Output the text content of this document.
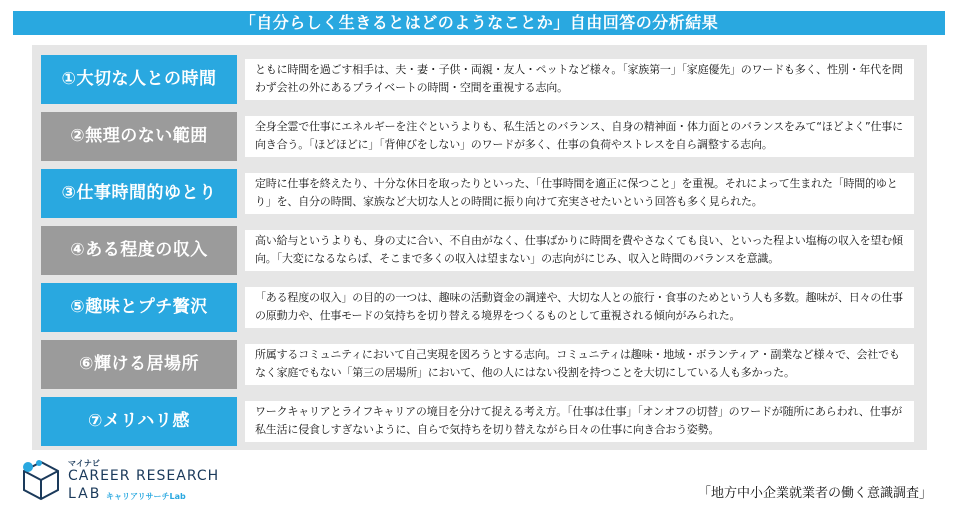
「自分らしく生きるとはどのようなことか」自由回答の分析結果
①大切な人との時間	ともに時間を過ごす相手は、夫・妻・子供・両親・友人・ペットなど様々。「家族第一」「家庭優先」のワードも多く、性別・年代を問わず会社の外にあるプライベートの時間・空間を重視する志向。
②無理のない範囲	全身全霊で仕事にエネルギーを注ぐというよりも、私生活とのバランス、自身の精神面・体力面とのバランスをみて“ほどよく”仕事に向き合う。「ほどほどに」「背伸びをしない」のワードが多く、仕事の負荷やストレスを自ら調整する志向。
③仕事時間的ゆとり	定時に仕事を終えたり、十分な休日を取ったりといった、「仕事時間を適正に保つこと」を重視。それによって生まれた「時間的ゆとり」を、自分の時間、家族など大切な人との時間に振り向けて充実させたいという回答も多く見られた。
④ある程度の収入	高い給与というよりも、身の丈に合い、不自由がなく、仕事ばかりに時間を費やさなくても良い、といった程よい塩梅の収入を望む傾向。「大変になるならば、そこまで多くの収入は望まない」の志向がにじみ、収入と時間のバランスを意識。
⑤趣味とプチ贅沢	「ある程度の収入」の目的の一つは、趣味の活動資金の調達や、大切な人との旅行・食事のためという人も多数。趣味が、日々の仕事の原動力や、仕事モードの気持ちを切り替える境界をつくるものとして重視される傾向がみられた。
⑥輝ける居場所	所属するコミュニティにおいて自己実現を図ろうとする志向。コミュニティは趣味・地域・ボランティア・副業など様々で、会社でもなく家庭でもない「第三の居場所」において、他の人にはない役割を持つことを大切にしている人も多かった。
⑦メリハリ感	ワークキャリアとライフキャリアの境目を分けて捉える考え方。「仕事は仕事」「オンオフの切替」のワードが随所にあらわれ、仕事が私生活に侵食しすぎないように、自らで気持ちを切り替えながら日々の仕事に向き合おう姿勢。
マイナビ
CAREER RESEARCH
LAB キャリアリサーチLab	「地方中小企業就業者の働く意識調査」
